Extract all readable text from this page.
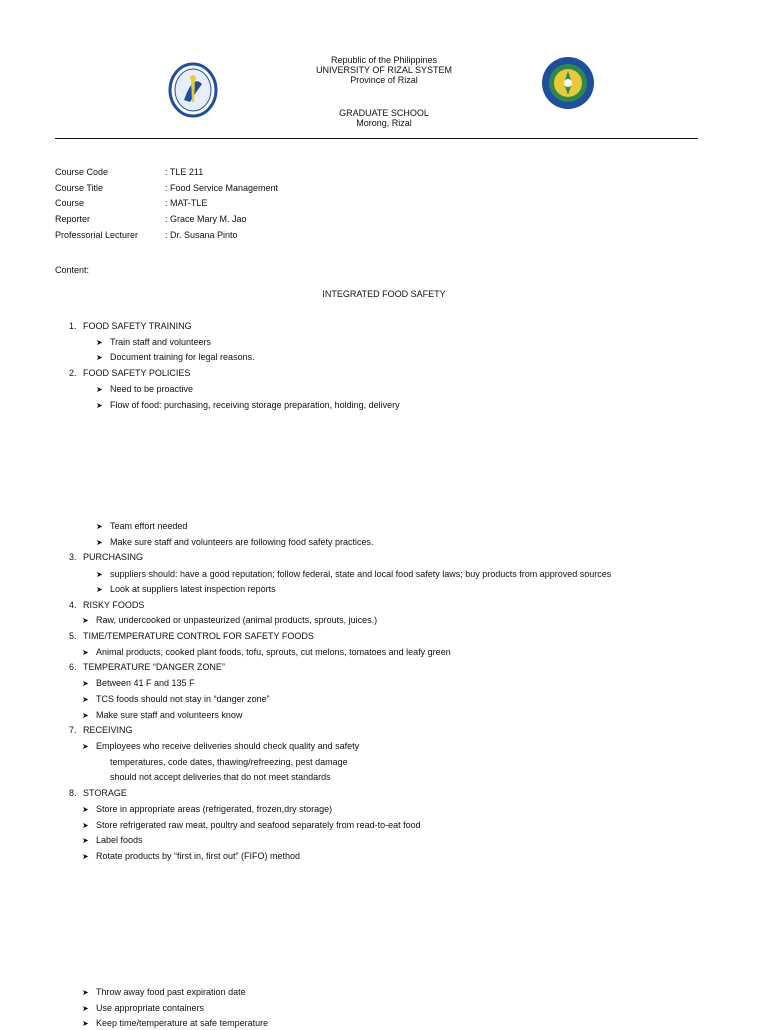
Republic of the Philippines
UNIVERSITY OF RIZAL SYSTEM
Province of Rizal
GRADUATE SCHOOL
Morong, Rizal
Course Code	: TLE 211
Course Title	: Food Service Management
Course	: MAT-TLE
Reporter	: Grace Mary M. Jao
Professorial Lecturer	: Dr. Susana Pinto
Content:
INTEGRATED FOOD SAFETY
1. FOOD SAFETY TRAINING
➤ Train staff and volunteers
➤ Document training for legal reasons.
2. FOOD SAFETY POLICIES
➤ Need to be proactive
➤ Flow of food: purchasing, receiving storage preparation, holding, delivery
➤ Team effort needed
➤ Make sure staff and volunteers are following food safety practices.
3. PURCHASING
➤ suppliers should: have a good reputation; follow federal, state and local food safety laws; buy products from approved sources
➤ Look at suppliers latest inspection reports
4. RISKY FOODS
➤ Raw, undercooked or unpasteurized (animal products, sprouts, juices.)
5. TIME/TEMPERATURE CONTROL FOR SAFETY FOODS
➤ Animal products, cooked plant foods, tofu, sprouts, cut melons, tomatoes and leafy green
6. TEMPERATURE “DANGER ZONE”
➤ Between 41 F and 135 F
➤ TCS foods should not stay in “danger zone”
➤ Make sure staff and volunteers know
7. RECEIVING
➤ Employees who receive deliveries should check quality and safety
temperatures, code dates, thawing/refreezing, pest damage
should not accept deliveries that do not meet standards
8. STORAGE
➤ Store in appropriate areas (refrigerated, frozen,dry storage)
➤ Store refrigerated raw meat, poultry and seafood separately from read-to-eat food
➤ Label foods
➤ Rotate products by “first in, first out” (FIFO) method
➤ Throw away food past expiration date
➤ Use appropriate containers
➤ Keep time/temperature at safe temperature
